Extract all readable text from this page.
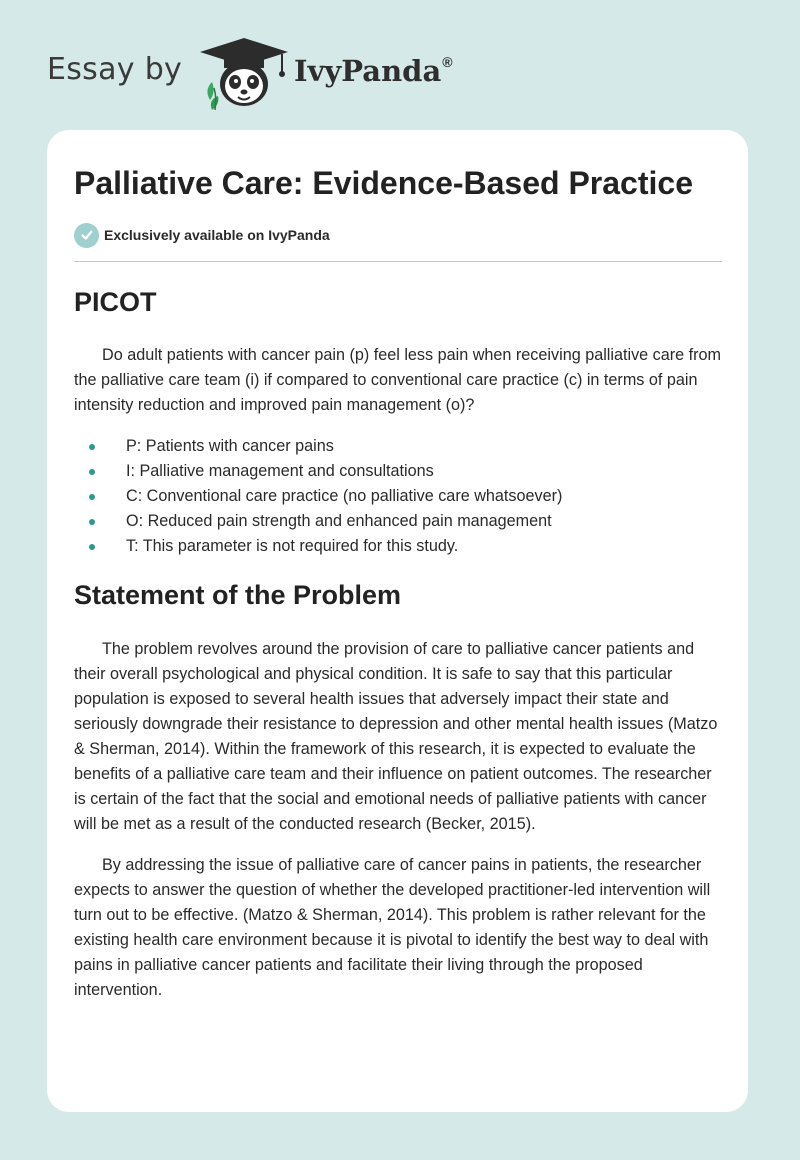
Essay by	IvyPanda®
Palliative Care: Evidence-Based Practice
Exclusively available on IvyPanda
PICOT

Do adult patients with cancer pain (p) feel less pain when receiving palliative care from the palliative care team (i) if compared to conventional care practice (c) in terms of pain intensity reduction and improved pain management (o)?

P: Patients with cancer pains
I: Palliative management and consultations
C: Conventional care practice (no palliative care whatsoever)
O: Reduced pain strength and enhanced pain management
T: This parameter is not required for this study.
Statement of the Problem

The problem revolves around the provision of care to palliative cancer patients and their overall psychological and physical condition. It is safe to say that this particular population is exposed to several health issues that adversely impact their state and seriously downgrade their resistance to depression and other mental health issues (Matzo & Sherman, 2014). Within the framework of this research, it is expected to evaluate the benefits of a palliative care team and their influence on patient outcomes. The researcher is certain of the fact that the social and emotional needs of palliative patients with cancer will be met as a result of the conducted research (Becker, 2015).

By addressing the issue of palliative care of cancer pains in patients, the researcher expects to answer the question of whether the developed practitioner-led intervention will turn out to be effective. (Matzo & Sherman, 2014). This problem is rather relevant for the existing health care environment because it is pivotal to identify the best way to deal with pains in palliative cancer patients and facilitate their living through the proposed intervention.
